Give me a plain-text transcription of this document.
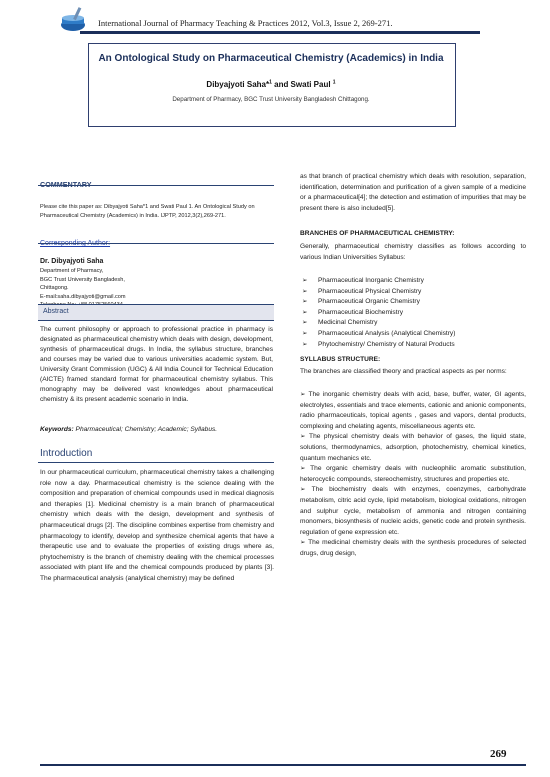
International Journal of Pharmacy Teaching & Practices 2012, Vol.3, Issue 2, 269-271.
An Ontological Study on Pharmaceutical Chemistry (Academics) in India
Dibyajyoti Saha*$^1$ and Swati Paul $^1$
Department of Pharmacy, BGC Trust University Bangladesh Chittagong.
Please cite this paper as: Dibyajyoti Saha*1 and Swati Paul 1. An Ontological Study on Pharmaceutical Chemistry (Academics) in India. IJPTP, 2012,3(2),269-271.
Dr. Dibyajyoti Saha
Department of Pharmacy,
BGC Trust University Bangladesh,
Chittagong.
E-mail:saha.dibyajyoti@gmail.com
Abstract
The current philosophy or approach to professional practice in pharmacy is designated as pharmaceutical chemistry which deals with design, development, synthesis of pharmaceutical drugs. In India, the syllabus structure, branches and courses may be varied due to various universities academic system. But, University Grant Commission (UGC) & All India Council for Technical Education (AICTE) framed standard format for pharmaceutical chemistry syllabus. This monography may be delivered vast knowledges about pharmaceutical chemistry & its present academic scenario in India.
Keywords: Pharmaceutical; Chemistry; Academic; Syllabus.
Introduction
In our pharmaceutical curriculum, pharmaceutical chemistry takes a challenging role now a day. Pharmaceutical chemistry is the science dealing with the composition and preparation of chemical compounds used in medical diagnosis and therapies [1]. Medicinal chemistry is a main branch of pharmaceutical chemistry which deals with the design, development and synthesis of pharmaceutical drugs [2]. The discipline combines expertise from chemistry and pharmacology to identify, develop and synthesize chemical agents that have a therapeutic use and to evaluate the properties of existing drugs where as, phytochemistry is the branch of chemistry dealing with the chemical processes associated with plant life and the chemical compounds produced by plants [3]. The pharmaceutical analysis (analytical chemistry) may be defined
as that branch of practical chemistry which deals with resolution, separation, identification, determination and purification of a given sample of a medicine or a pharmaceutical[4]; the detection and estimation of impurities that may be present there is also included[5].
BRANCHES OF PHARMACEUTICAL CHEMISTRY:
Generally, pharmaceutical chemistry classifies as follows according to various Indian Universities Syllabus:
➢ Pharmaceutical Inorganic Chemistry
➢ Pharmaceutical Physical Chemistry
➢ Pharmaceutical Organic Chemistry
➢ Pharmaceutical Biochemistry
➢ Medicinal Chemistry
➢ Pharmaceutical Analysis (Analytical Chemistry)
➢ Phytochemistry/ Chemistry of Natural Products
SYLLABUS STRUCTURE:
The branches are classified theory and practical aspects as per norms:
➢ The inorganic chemistry deals with acid, base, buffer, water, GI agents, electrolytes, essentials and trace elements, cationic and anionic components, radio pharmaceuticals, topical agents , gases and vapors, dental products, complexing and chelating agents, miscellaneous agents etc.
➢ The physical chemistry deals with behavior of gases, the liquid state, solutions, thermodynamics, adsorption, photochemistry, chemical kinetics, quantum mechanics etc.
➢ The organic chemistry deals with nucleophilic aromatic substitution, heterocyclic compounds, stereochemistry, structures and properties etc.
➢ The biochemistry deals with enzymes, coenzymes, carbohydrate metabolism, citric acid cycle, lipid metabolism, biological oxidations, nitrogen and sulphur cycle, metabolism of ammonia and nitrogen containing monomers, biosynthesis of nucleic acids, genetic code and protein synthesis. regulation of gene expression etc.
➢ The medicinal chemistry deals with the synthesis procedures of selected drugs, drug design,
269
